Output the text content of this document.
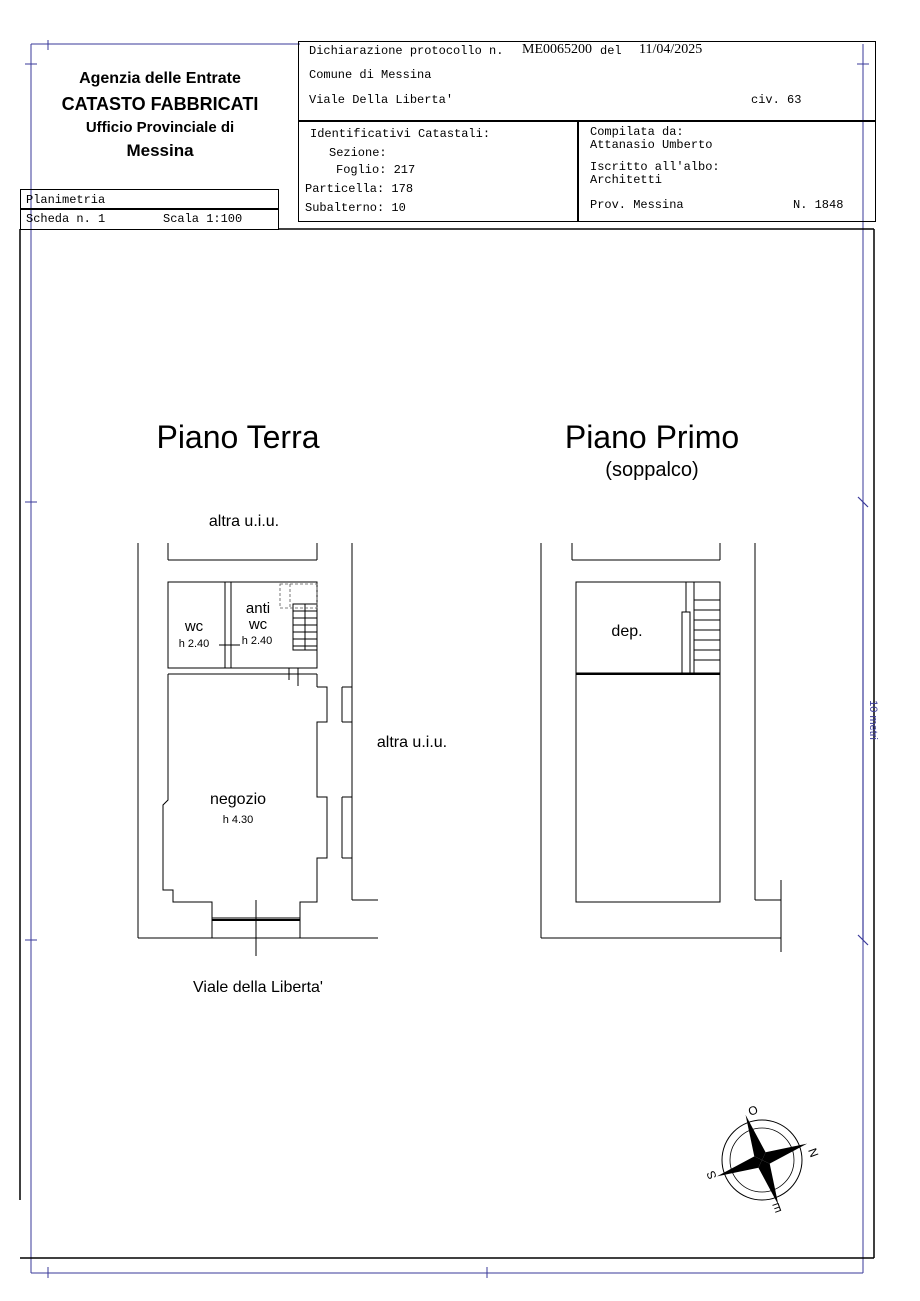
Agenzia delle Entrate
CATASTO FABBRICATI
Ufficio Provinciale di
Messina
Planimetria
Scheda n. 1	Scala 1:100
Dichiarazione protocollo n. ME0065200 del 11/04/2025
Comune di Messina
Viale Della Liberta'	civ. 63
Identificativi Catastali:
Sezione:
Foglio: 217
Particella: 178
Subalterno: 10
Compilata da:
Attanasio Umberto
Iscritto all'albo:
Architetti
Prov. Messina	N. 1848
Piano Terra	Piano Primo
(soppalco)
altra u.i.u.
altra u.i.u.
wc
h 2.40
anti
wc
h 2.40
negozio
h 4.30
Viale della Liberta'
dep.
10 metri
O
N
E
S
